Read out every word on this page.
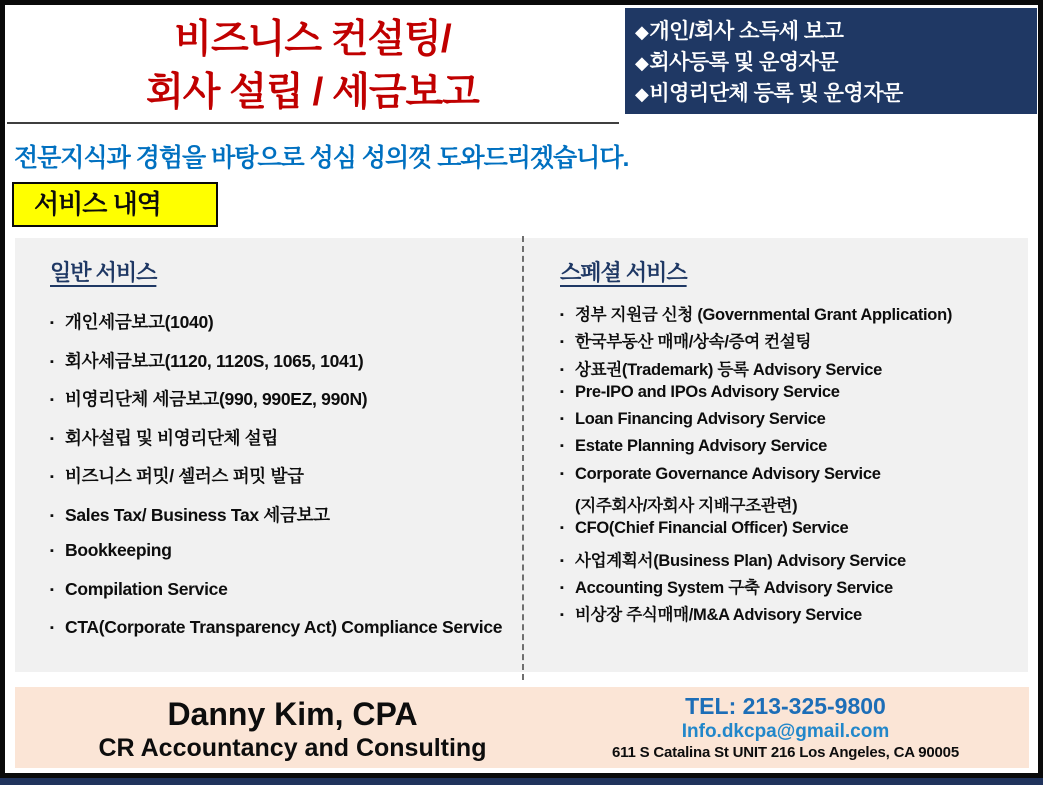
비즈니스 컨설팅/
회사 설립 / 세금보고
◆개인/회사 소득세 보고
◆회사등록 및 운영자문
◆비영리단체 등록 및 운영자문
전문지식과 경험을 바탕으로 성심 성의껏 도와드리겠습니다.
서비스 내역
일반 서비스
▪ 개인세금보고(1040)
▪ 회사세금보고(1120, 1120S, 1065, 1041)
▪ 비영리단체 세금보고(990, 990EZ, 990N)
▪ 회사설립 및 비영리단체 설립
▪ 비즈니스 퍼밋/ 셀러스 퍼밋 발급
▪ Sales Tax/ Business Tax 세금보고
▪ Bookkeeping
▪ Compilation Service
▪ CTA(Corporate Transparency Act) Compliance Service
스페셜 서비스
▪ 정부 지원금 신청 (Governmental Grant Application)
▪ 한국부동산 매매/상속/증여 컨설팅
▪ 상표권(Trademark) 등록 Advisory Service
▪ Pre-IPO and IPOs Advisory Service
▪ Loan Financing Advisory Service
▪ Estate Planning Advisory Service
▪ Corporate Governance Advisory Service
(지주회사/자회사 지배구조관련)
▪ CFO(Chief Financial Officer) Service
▪ 사업계획서(Business Plan) Advisory Service
▪ Accounting System 구축 Advisory Service
▪ 비상장 주식매매/M&A Advisory Service
Danny Kim, CPA
CR Accountancy and Consulting
TEL: 213-325-9800
Info.dkcpa@gmail.com
611 S Catalina St UNIT 216 Los Angeles, CA 90005
